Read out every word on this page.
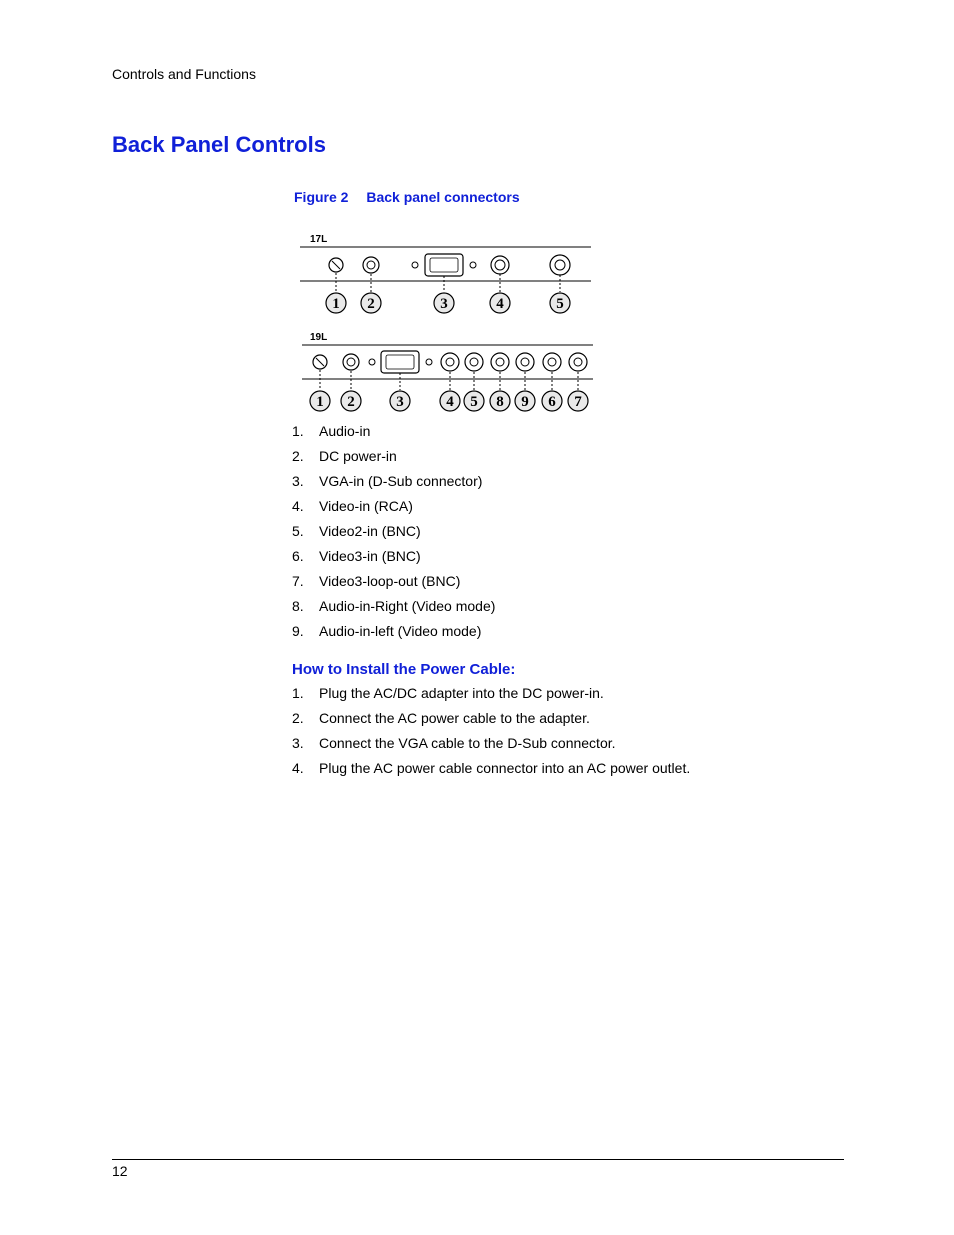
Controls and Functions
Back Panel Controls
Figure 2 Back panel connectors
17L
1 2	3	4	5
19L
1 2	3	4 5 8 9 6 7
1. Audio-in
2. DC power-in
3. VGA-in (D-Sub connector)
4. Video-in (RCA)
5. Video2-in (BNC)
6. Video3-in (BNC)
7. Video3-loop-out (BNC)
8. Audio-in-Right (Video mode)
9. Audio-in-left (Video mode)
How to Install the Power Cable:
1. Plug the AC/DC adapter into the DC power-in.
2. Connect the AC power cable to the adapter.
3. Connect the VGA cable to the D-Sub connector.
4. Plug the AC power cable connector into an AC power outlet.
12
